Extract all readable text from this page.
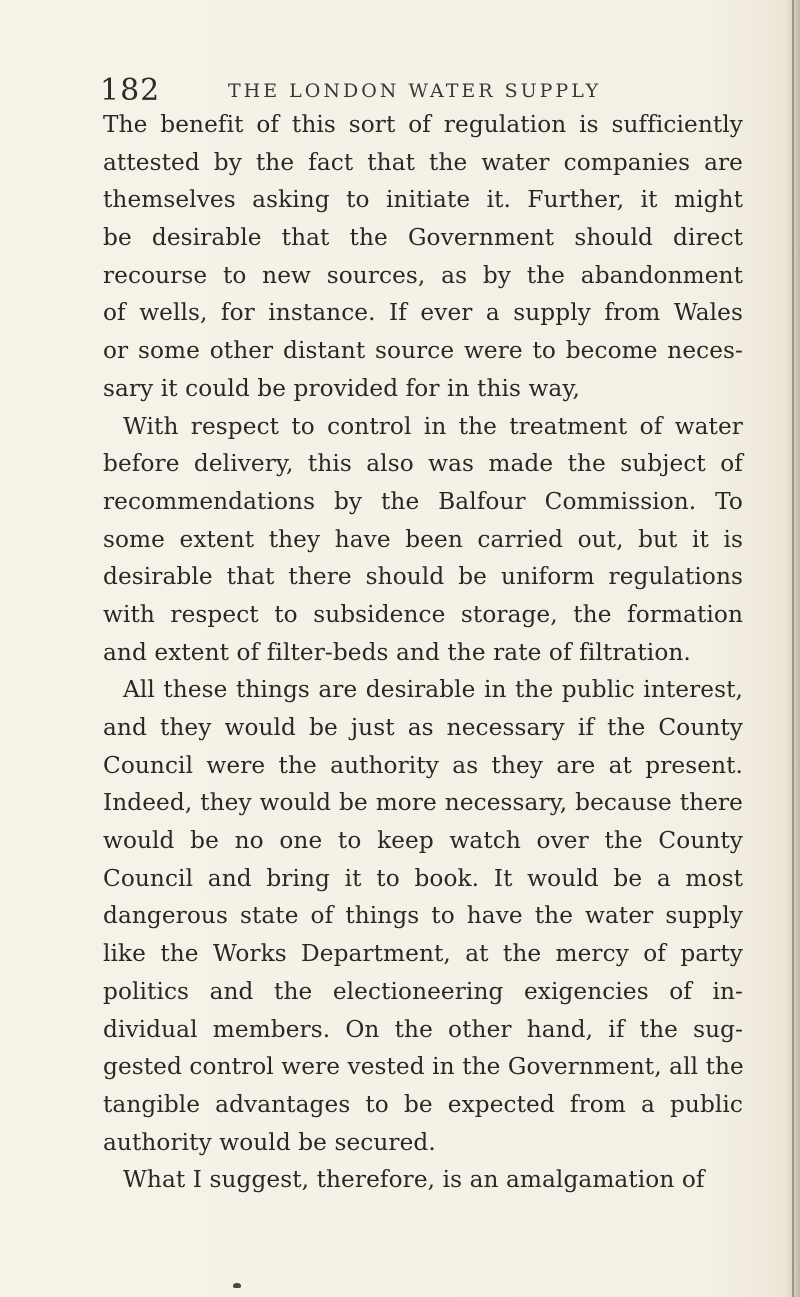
182	THE LONDON WATER SUPPLY
The benefit of this sort of regulation is sufficiently
attested by the fact that the water companies are
themselves asking to initiate it. Further, it might
be desirable that the Government should direct
recourse to new sources, as by the abandonment
of wells, for instance. If ever a supply from Wales
or some other distant source were to become neces-
sary it could be provided for in this way,
With respect to control in the treatment of water
before delivery, this also was made the subject of
recommendations by the Balfour Commission. To
some extent they have been carried out, but it is
desirable that there should be uniform regulations
with respect to subsidence storage, the formation
and extent of filter-beds and the rate of filtration.
All these things are desirable in the public interest,
and they would be just as necessary if the County
Council were the authority as they are at present.
Indeed, they would be more necessary, because there
would be no one to keep watch over the County
Council and bring it to book. It would be a most
dangerous state of things to have the water supply
like the Works Department, at the mercy of party
politics and the electioneering exigencies of in-
dividual members. On the other hand, if the sug-
gested control were vested in the Government, all the
tangible advantages to be expected from a public
authority would be secured.
What I suggest, therefore, is an amalgamation of
